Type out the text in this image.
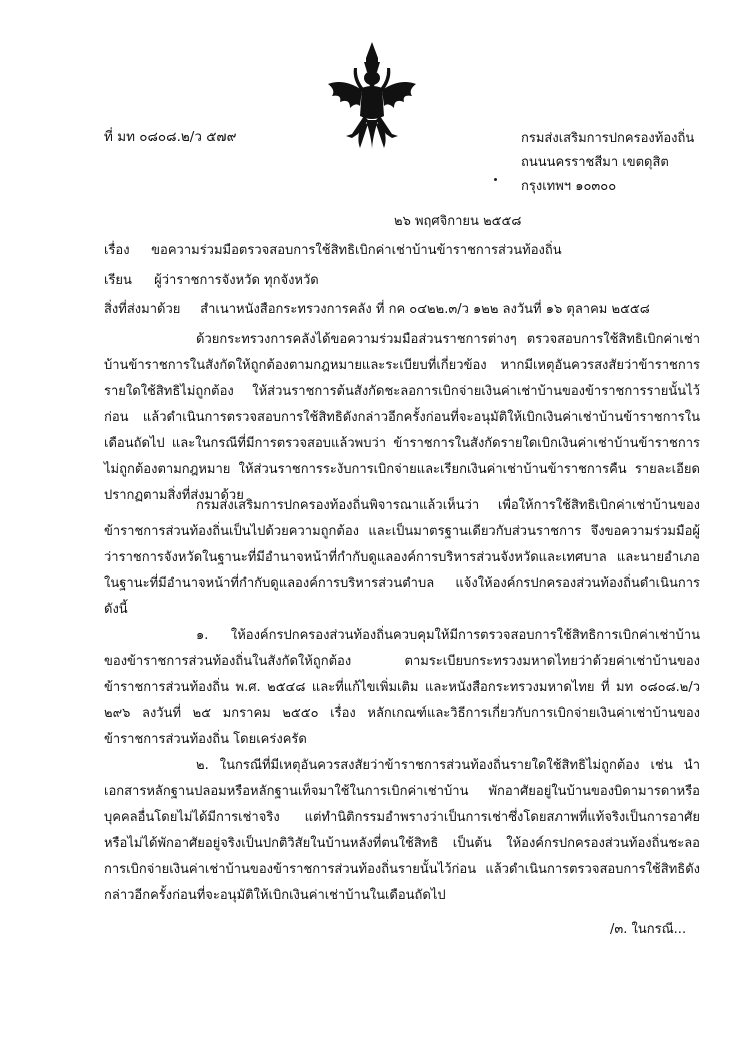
ที่ มท ๐๘๐๘.๒/ว ๕๗๙	กรมส่งเสริมการปกครองท้องถิ่น
ถนนนครราชสีมา เขตดุสิต
กรุงเทพฯ ๑๐๓๐๐
๒๖ พฤศจิกายน ๒๕๕๘
เรื่อง ขอความร่วมมือตรวจสอบการใช้สิทธิเบิกค่าเช่าบ้านข้าราชการส่วนท้องถิ่น
เรียน ผู้ว่าราชการจังหวัด ทุกจังหวัด
สิ่งที่ส่งมาด้วย สำเนาหนังสือกระทรวงการคลัง ที่ กค ๐๔๒๒.๓/ว ๑๒๒ ลงวันที่ ๑๖ ตุลาคม ๒๕๕๘

ด้วยกระทรวงการคลังได้ขอความร่วมมือส่วนราชการต่างๆ ตรวจสอบการใช้สิทธิเบิกค่าเช่าบ้านข้าราชการในสังกัดให้ถูกต้องตามกฎหมายและระเบียบที่เกี่ยวข้อง หากมีเหตุอันควรสงสัยว่าข้าราชการรายใดใช้สิทธิไม่ถูกต้อง ให้ส่วนราชการต้นสังกัดชะลอการเบิกจ่ายเงินค่าเช่าบ้านของข้าราชการรายนั้นไว้ก่อน แล้วดำเนินการตรวจสอบการใช้สิทธิดังกล่าวอีกครั้งก่อนที่จะอนุมัติให้เบิกเงินค่าเช่าบ้านข้าราชการในเดือนถัดไป และในกรณีที่มีการตรวจสอบแล้วพบว่า ข้าราชการในสังกัดรายใดเบิกเงินค่าเช่าบ้านข้าราชการไม่ถูกต้องตามกฎหมาย ให้ส่วนราชการระงับการเบิกจ่ายและเรียกเงินค่าเช่าบ้านข้าราชการคืน รายละเอียดปรากฏตามสิ่งที่ส่งมาด้วย

กรมส่งเสริมการปกครองท้องถิ่นพิจารณาแล้วเห็นว่า เพื่อให้การใช้สิทธิเบิกค่าเช่าบ้านของข้าราชการส่วนท้องถิ่นเป็นไปด้วยความถูกต้อง และเป็นมาตรฐานเดียวกับส่วนราชการ จึงขอความร่วมมือผู้ว่าราชการจังหวัดในฐานะที่มีอำนาจหน้าที่กำกับดูแลองค์การบริหารส่วนจังหวัดและเทศบาล และนายอำเภอในฐานะที่มีอำนาจหน้าที่กำกับดูแลองค์การบริหารส่วนตำบล แจ้งให้องค์กรปกครองส่วนท้องถิ่นดำเนินการ ดังนี้

๑. ให้องค์กรปกครองส่วนท้องถิ่นควบคุมให้มีการตรวจสอบการใช้สิทธิการเบิกค่าเช่าบ้านของข้าราชการส่วนท้องถิ่นในสังกัดให้ถูกต้อง ตามระเบียบกระทรวงมหาดไทยว่าด้วยค่าเช่าบ้านของข้าราชการส่วนท้องถิ่น พ.ศ. ๒๕๔๘ และที่แก้ไขเพิ่มเติม และหนังสือกระทรวงมหาดไทย ที่ มท ๐๘๐๘.๒/ว ๒๙๖ ลงวันที่ ๒๕ มกราคม ๒๕๕๐ เรื่อง หลักเกณฑ์และวิธีการเกี่ยวกับการเบิกจ่ายเงินค่าเช่าบ้านของข้าราชการส่วนท้องถิ่น โดยเคร่งครัด

๒. ในกรณีที่มีเหตุอันควรสงสัยว่าข้าราชการส่วนท้องถิ่นรายใดใช้สิทธิไม่ถูกต้อง เช่น นำเอกสารหลักฐานปลอมหรือหลักฐานเท็จมาใช้ในการเบิกค่าเช่าบ้าน พักอาศัยอยู่ในบ้านของบิดามารดาหรือบุคคลอื่นโดยไม่ได้มีการเช่าจริง แต่ทำนิติกรรมอำพรางว่าเป็นการเช่าซึ่งโดยสภาพที่แท้จริงเป็นการอาศัย หรือไม่ได้พักอาศัยอยู่จริงเป็นปกติวิสัยในบ้านหลังที่ตนใช้สิทธิ เป็นต้น ให้องค์กรปกครองส่วนท้องถิ่นชะลอการเบิกจ่ายเงินค่าเช่าบ้านของข้าราชการส่วนท้องถิ่นรายนั้นไว้ก่อน แล้วดำเนินการตรวจสอบการใช้สิทธิดังกล่าวอีกครั้งก่อนที่จะอนุมัติให้เบิกเงินค่าเช่าบ้านในเดือนถัดไป

/๓. ในกรณี...
